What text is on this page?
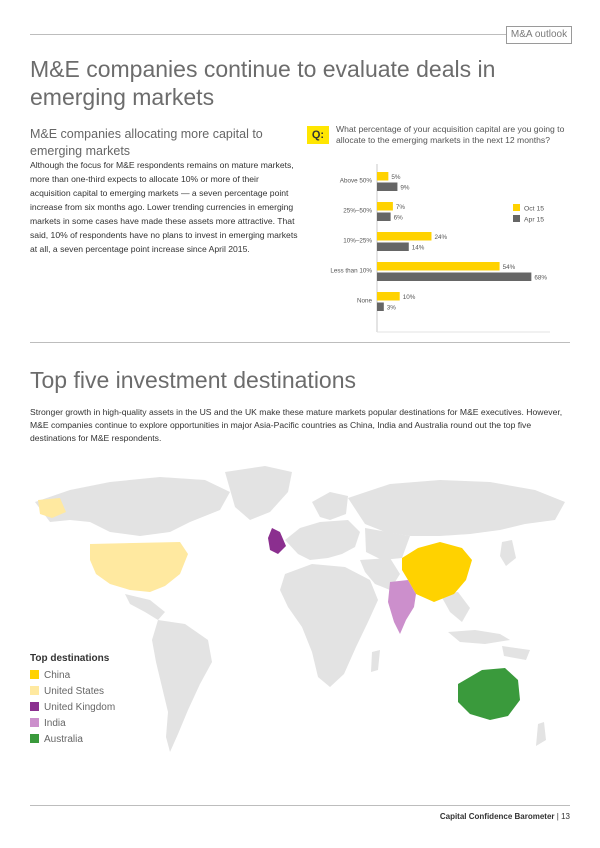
M&A outlook
M&E companies continue to evaluate deals in emerging markets
M&E companies allocating more capital to emerging markets
Although the focus for M&E respondents remains on mature markets, more than one-third expects to allocate 10% or more of their acquisition capital to emerging markets — a seven percentage point increase from six months ago. Lower trending currencies in emerging markets in some cases have made these assets more attractive. That said, 10% of respondents have no plans to invest in emerging markets at all, a seven percentage point increase since April 2015.
Q:	What percentage of your acquisition capital are you going to allocate to the emerging markets in the next 12 months?
Above 50%	5%
9%
25%–50%	7%
6%
10%–25%	24%
14%
Less than 10%	54%
68%
None	10%
3%
Oct 15
Apr 15
Top five investment destinations
Stronger growth in high-quality assets in the US and the UK make these mature markets popular destinations for M&E executives. However, M&E companies continue to explore opportunities in major Asia-Pacific countries as China, India and Australia round out the top five destinations for M&E respondents.
Top destinations
China
United States
United Kingdom
India
Australia
Capital Confidence Barometer | 13
